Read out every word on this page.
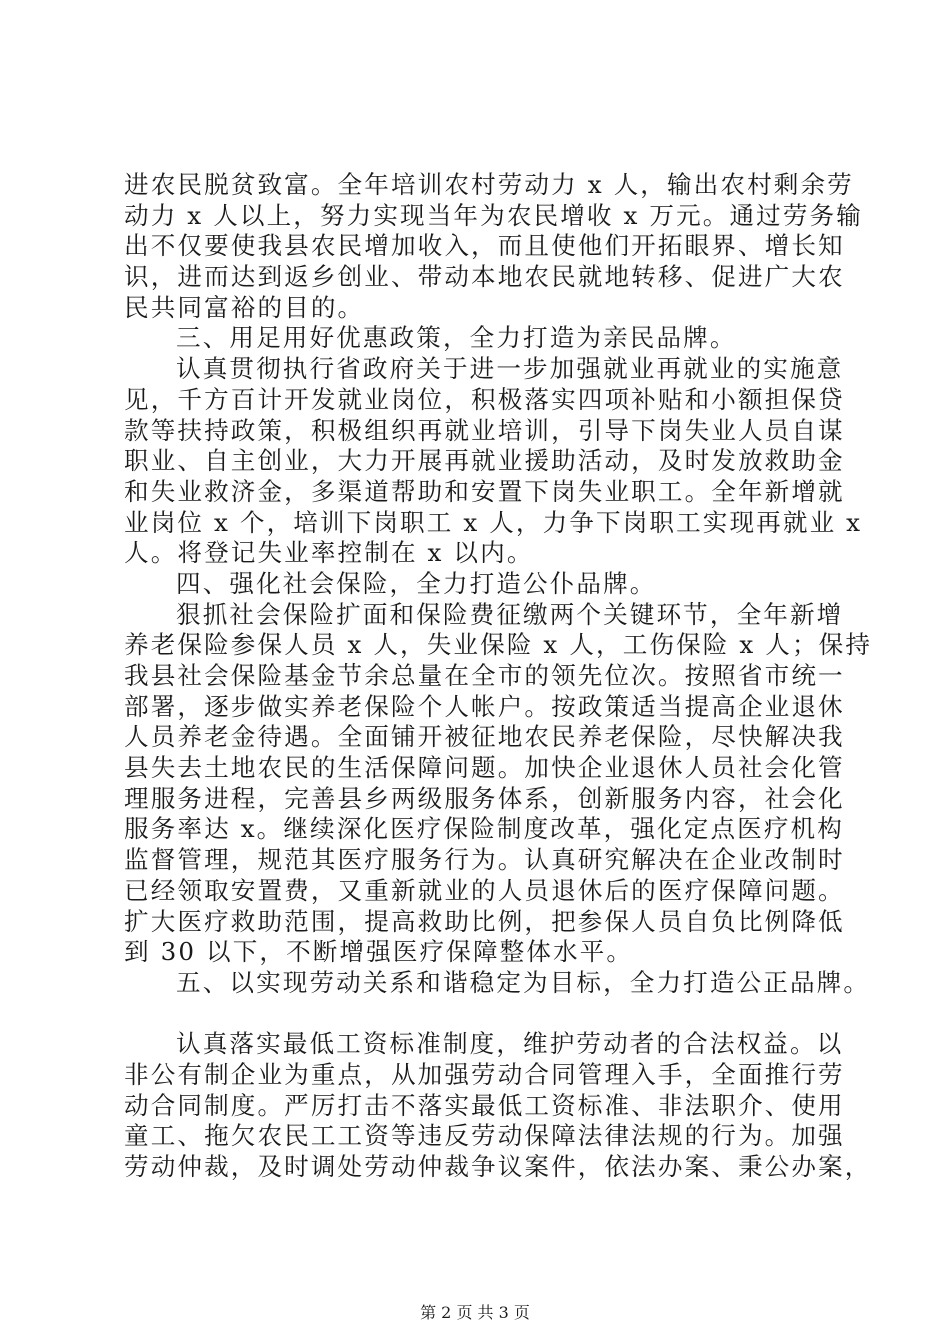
进农民脱贫致富。全年培训农村劳动力 x 人，输出农村剩余劳
动力 x 人以上，努力实现当年为农民增收 x 万元。通过劳务输
出不仅要使我县农民增加收入，而且使他们开拓眼界、增长知
识，进而达到返乡创业、带动本地农民就地转移、促进广大农
民共同富裕的目的。
三、用足用好优惠政策，全力打造为亲民品牌。
认真贯彻执行省政府关于进一步加强就业再就业的实施意
见，千方百计开发就业岗位，积极落实四项补贴和小额担保贷
款等扶持政策，积极组织再就业培训，引导下岗失业人员自谋
职业、自主创业，大力开展再就业援助活动，及时发放救助金
和失业救济金，多渠道帮助和安置下岗失业职工。全年新增就
业岗位 x 个，培训下岗职工 x 人，力争下岗职工实现再就业 x
人。将登记失业率控制在 x 以内。
四、强化社会保险，全力打造公仆品牌。
狠抓社会保险扩面和保险费征缴两个关键环节，全年新增
养老保险参保人员 x 人，失业保险 x 人，工伤保险 x 人；保持
我县社会保险基金节余总量在全市的领先位次。按照省市统一
部署，逐步做实养老保险个人帐户。按政策适当提高企业退休
人员养老金待遇。全面铺开被征地农民养老保险，尽快解决我
县失去土地农民的生活保障问题。加快企业退休人员社会化管
理服务进程，完善县乡两级服务体系，创新服务内容，社会化
服务率达 x。继续深化医疗保险制度改革，强化定点医疗机构
监督管理，规范其医疗服务行为。认真研究解决在企业改制时
已经领取安置费，又重新就业的人员退休后的医疗保障问题。
扩大医疗救助范围，提高救助比例，把参保人员自负比例降低
到 30 以下，不断增强医疗保障整体水平。
五、以实现劳动关系和谐稳定为目标，全力打造公正品牌。
认真落实最低工资标准制度，维护劳动者的合法权益。以
非公有制企业为重点，从加强劳动合同管理入手，全面推行劳
动合同制度。严厉打击不落实最低工资标准、非法职介、使用
童工、拖欠农民工工资等违反劳动保障法律法规的行为。加强
劳动仲裁，及时调处劳动仲裁争议案件，依法办案、秉公办案，
第 2 页 共 3 页
